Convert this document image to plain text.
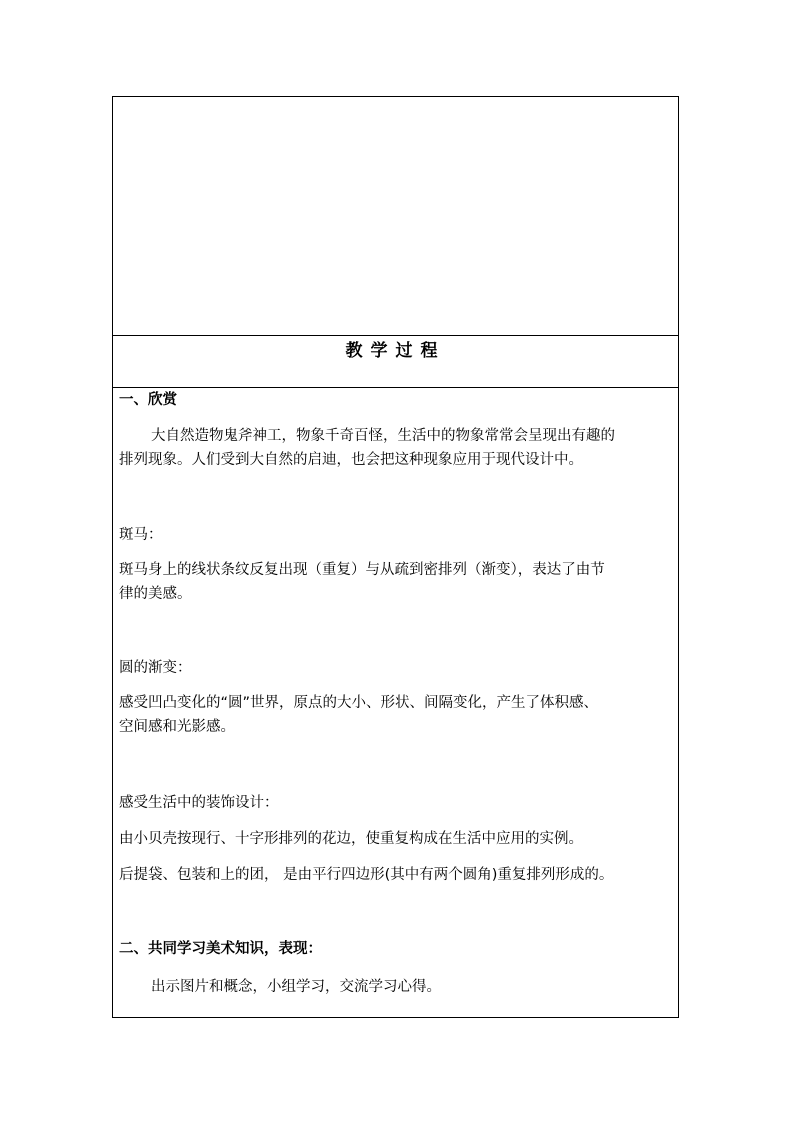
教学过程
一、欣赏
大自然造物鬼斧神工，物象千奇百怪，生活中的物象常常会呈现出有趣的
排列现象。人们受到大自然的启迪，也会把这种现象应用于现代设计中。
斑马：
斑马身上的线状条纹反复出现（重复）与从疏到密排列（渐变），表达了由节
律的美感。
圆的渐变：
感受凹凸变化的“圆”世界，原点的大小、形状、间隔变化，产生了体积感、
空间感和光影感。
感受生活中的装饰设计：
由小贝壳按现行、十字形排列的花边，使重复构成在生活中应用的实例。
后提袋、包装和上的团， 是由平行四边形(其中有两个圆角)重复排列形成的。
二、共同学习美术知识，表现：
出示图片和概念，小组学习，交流学习心得。
